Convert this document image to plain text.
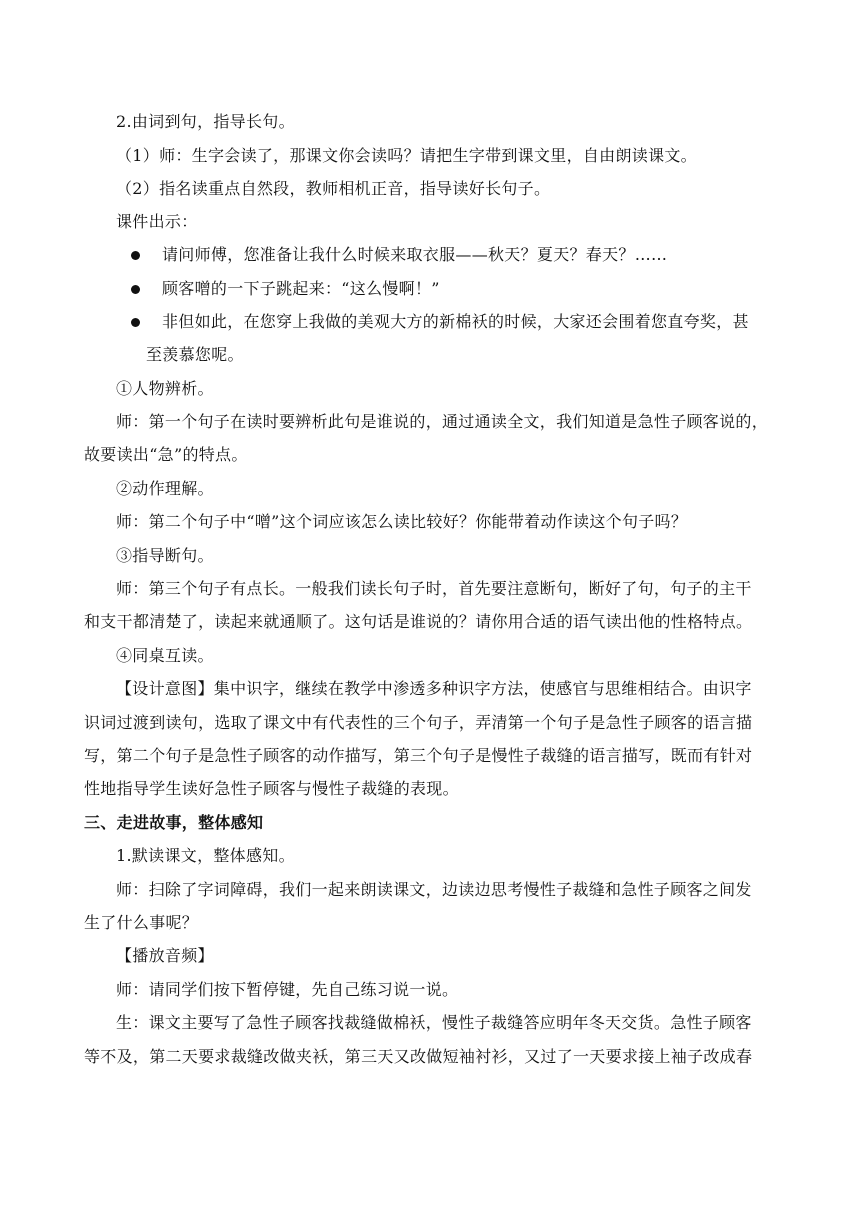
2.由词到句，指导长句。
（1）师：生字会读了，那课文你会读吗？请把生字带到课文里，自由朗读课文。
（2）指名读重点自然段，教师相机正音，指导读好长句子。
课件出示：
请问师傅，您准备让我什么时候来取衣服——秋天？夏天？春天？……
顾客噌的一下子跳起来：“这么慢啊！”
非但如此，在您穿上我做的美观大方的新棉袄的时候，大家还会围着您直夸奖，甚
至羡慕您呢。
①人物辨析。
师：第一个句子在读时要辨析此句是谁说的，通过通读全文，我们知道是急性子顾客说的，
故要读出“急”的特点。
②动作理解。
师：第二个句子中“噌”这个词应该怎么读比较好？你能带着动作读这个句子吗？
③指导断句。
师：第三个句子有点长。一般我们读长句子时，首先要注意断句，断好了句，句子的主干
和支干都清楚了，读起来就通顺了。这句话是谁说的？请你用合适的语气读出他的性格特点。
④同桌互读。
【设计意图】集中识字，继续在教学中渗透多种识字方法，使感官与思维相结合。由识字
识词过渡到读句，选取了课文中有代表性的三个句子，弄清第一个句子是急性子顾客的语言描
写，第二个句子是急性子顾客的动作描写，第三个句子是慢性子裁缝的语言描写，既而有针对
性地指导学生读好急性子顾客与慢性子裁缝的表现。
三、走进故事，整体感知
1.默读课文，整体感知。
师：扫除了字词障碍，我们一起来朗读课文，边读边思考慢性子裁缝和急性子顾客之间发
生了什么事呢？
【播放音频】
师：请同学们按下暂停键，先自己练习说一说。
生：课文主要写了急性子顾客找裁缝做棉袄，慢性子裁缝答应明年冬天交货。急性子顾客
等不及，第二天要求裁缝改做夹袄，第三天又改做短袖衬衫，又过了一天要求接上袖子改成春
